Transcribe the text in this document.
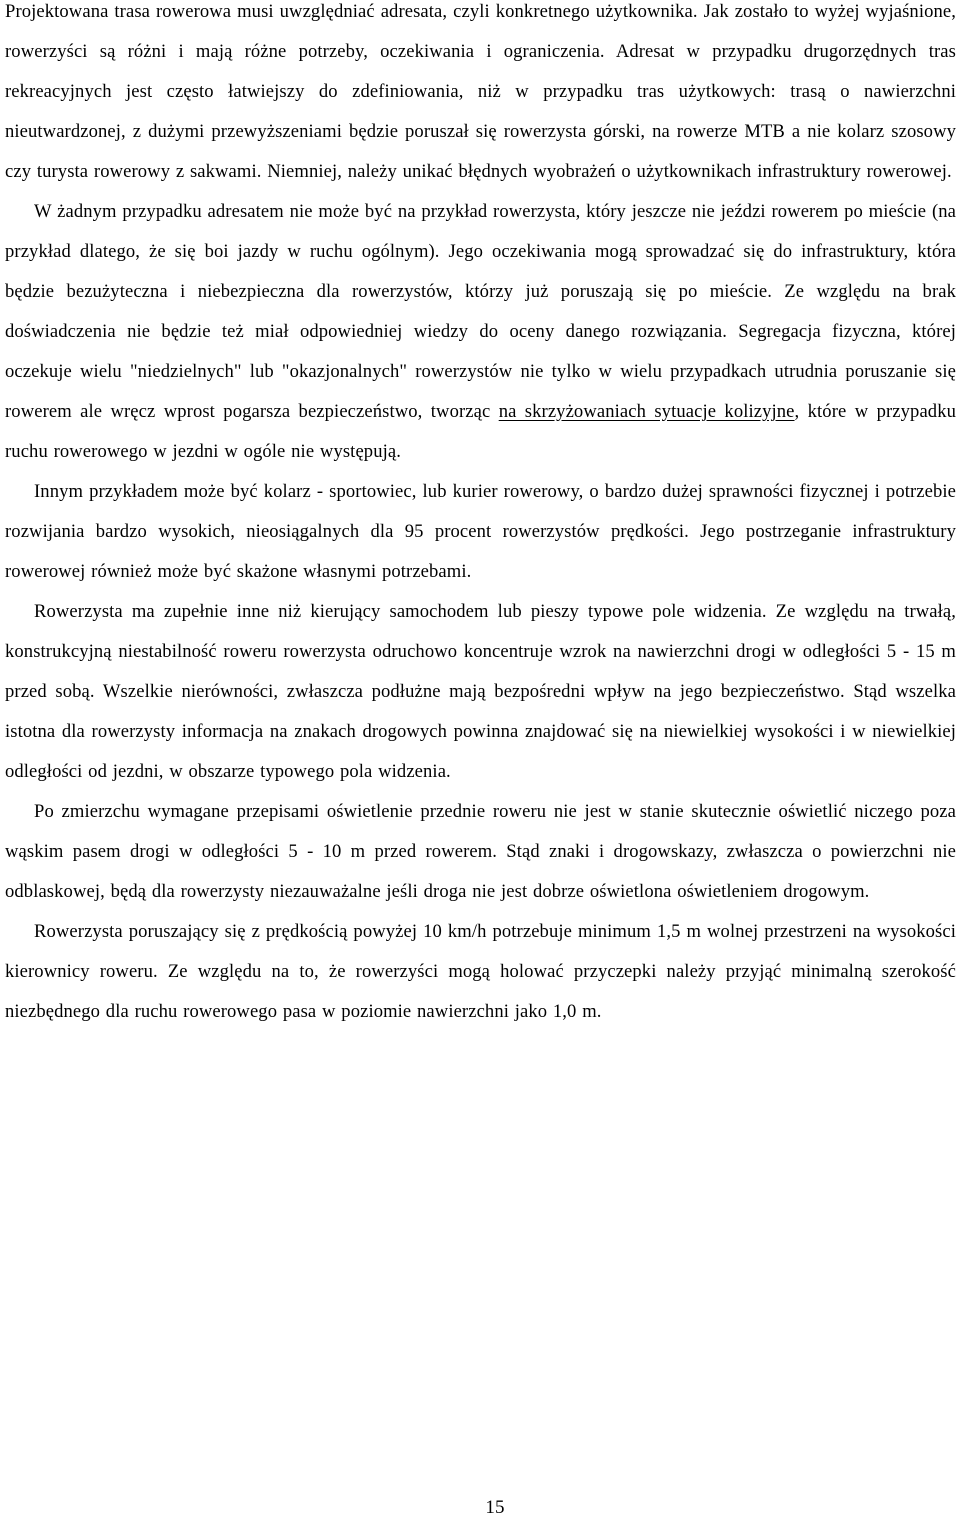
Projektowana trasa rowerowa musi uwzględniać adresata, czyli konkretnego użytkownika. Jak zostało to wyżej wyjaśnione, rowerzyści są różni i mają różne potrzeby, oczekiwania i ograniczenia. Adresat w przypadku drugorzędnych tras rekreacyjnych jest często łatwiejszy do zdefiniowania, niż w przypadku tras użytkowych: trasą o nawierzchni nieutwardzonej, z dużymi przewyższeniami będzie poruszał się rowerzysta górski, na rowerze MTB a nie kolarz szosowy czy turysta rowerowy z sakwami. Niemniej, należy unikać błędnych wyobrażeń o użytkownikach infrastruktury rowerowej.

W żadnym przypadku adresatem nie może być na przykład rowerzysta, który jeszcze nie jeździ rowerem po mieście (na przykład dlatego, że się boi jazdy w ruchu ogólnym). Jego oczekiwania mogą sprowadzać się do infrastruktury, która będzie bezużyteczna i niebezpieczna dla rowerzystów, którzy już poruszają się po mieście. Ze względu na brak doświadczenia nie będzie też miał odpowiedniej wiedzy do oceny danego rozwiązania. Segregacja fizyczna, której oczekuje wielu "niedzielnych" lub "okazjonalnych" rowerzystów nie tylko w wielu przypadkach utrudnia poruszanie się rowerem ale wręcz wprost pogarsza bezpieczeństwo, tworząc na skrzyżowaniach sytuacje kolizyjne, które w przypadku ruchu rowerowego w jezdni w ogóle nie występują.

Innym przykładem może być kolarz - sportowiec, lub kurier rowerowy, o bardzo dużej sprawności fizycznej i potrzebie rozwijania bardzo wysokich, nieosiągalnych dla 95 procent rowerzystów prędkości. Jego postrzeganie infrastruktury rowerowej również może być skażone własnymi potrzebami.

Rowerzysta ma zupełnie inne niż kierujący samochodem lub pieszy typowe pole widzenia. Ze względu na trwałą, konstrukcyjną niestabilność roweru rowerzysta odruchowo koncentruje wzrok na nawierzchni drogi w odległości 5 - 15 m przed sobą. Wszelkie nierówności, zwłaszcza podłużne mają bezpośredni wpływ na jego bezpieczeństwo. Stąd wszelka istotna dla rowerzysty informacja na znakach drogowych powinna znajdować się na niewielkiej wysokości i w niewielkiej odległości od jezdni, w obszarze typowego pola widzenia.

Po zmierzchu wymagane przepisami oświetlenie przednie roweru nie jest w stanie skutecznie oświetlić niczego poza wąskim pasem drogi w odległości 5 - 10 m przed rowerem. Stąd znaki i drogowskazy, zwłaszcza o powierzchni nie odblaskowej, będą dla rowerzysty niezauważalne jeśli droga nie jest dobrze oświetlona oświetleniem drogowym.

Rowerzysta poruszający się z prędkością powyżej 10 km/h potrzebuje minimum 1,5 m wolnej przestrzeni na wysokości kierownicy roweru. Ze względu na to, że rowerzyści mogą holować przyczepki należy przyjąć minimalną szerokość niezbędnego dla ruchu rowerowego pasa w poziomie nawierzchni jako 1,0 m.

15
